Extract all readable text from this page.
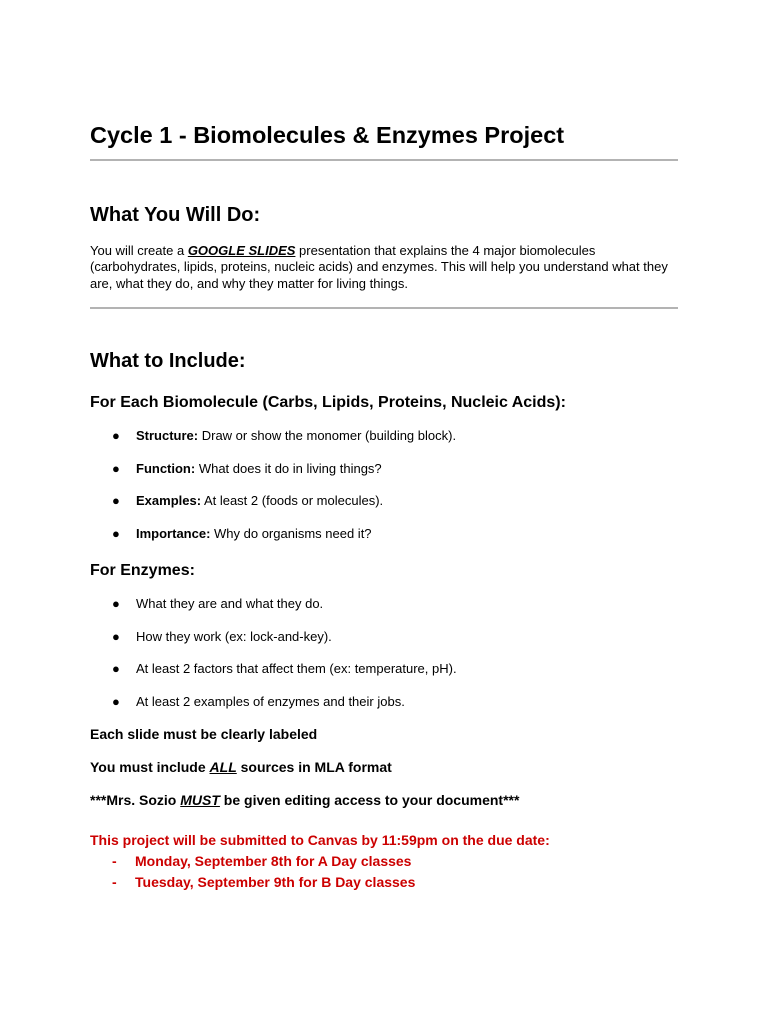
Cycle 1 - Biomolecules & Enzymes Project
What You Will Do:

You will create a GOOGLE SLIDES presentation that explains the 4 major biomolecules (carbohydrates, lipids, proteins, nucleic acids) and enzymes. This will help you understand what they are, what they do, and why they matter for living things.

What to Include:
For Each Biomolecule (Carbs, Lipids, Proteins, Nucleic Acids):
● Structure: Draw or show the monomer (building block).
● Function: What does it do in living things?
● Examples: At least 2 (foods or molecules).
● Importance: Why do organisms need it?
For Enzymes:
● What they are and what they do.
● How they work (ex: lock-and-key).
● At least 2 factors that affect them (ex: temperature, pH).
● At least 2 examples of enzymes and their jobs.

Each slide must be clearly labeled

You must include ALL sources in MLA format

***Mrs. Sozio MUST be given editing access to your document***

This project will be submitted to Canvas by 11:59pm on the due date:

- Monday, September 8th for A Day classes
- Tuesday, September 9th for B Day classes
